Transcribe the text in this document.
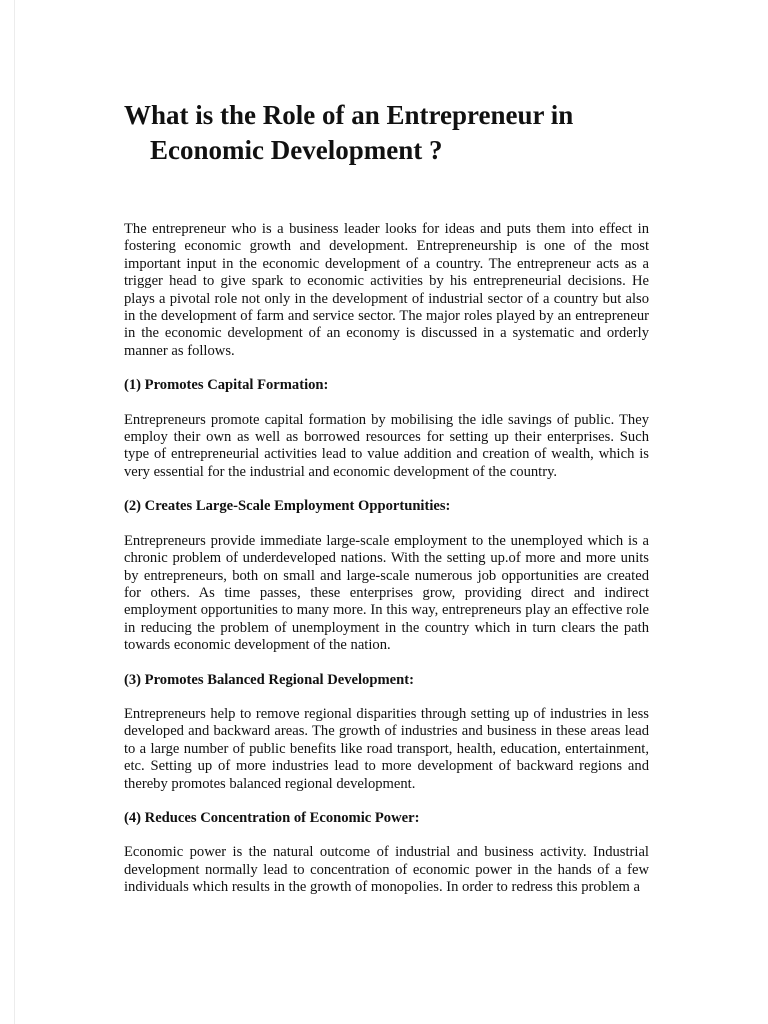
What is the Role of an Entrepreneur in
Economic Development ?

The entrepreneur who is a business leader looks for ideas and puts them into effect in fostering economic growth and development. Entrepreneurship is one of the most important input in the economic development of a country. The entrepreneur acts as a trigger head to give spark to economic activities by his entrepreneurial decisions. He plays a pivotal role not only in the development of industrial sector of a country but also in the development of farm and service sector. The major roles played by an entrepreneur in the economic development of an economy is discussed in a systematic and orderly manner as follows.

(1) Promotes Capital Formation:

Entrepreneurs promote capital formation by mobilising the idle savings of public. They employ their own as well as borrowed resources for setting up their enterprises. Such type of entrepreneurial activities lead to value addition and creation of wealth, which is very essential for the industrial and economic development of the country.

(2) Creates Large-Scale Employment Opportunities:

Entrepreneurs provide immediate large-scale employment to the unemployed which is a chronic problem of underdeveloped nations. With the setting up.of more and more units by entrepreneurs, both on small and large-scale numerous job opportunities are created for others. As time passes, these enterprises grow, providing direct and indirect employment opportunities to many more. In this way, entrepreneurs play an effective role in reducing the problem of unemployment in the country which in turn clears the path towards economic development of the nation.

(3) Promotes Balanced Regional Development:

Entrepreneurs help to remove regional disparities through setting up of industries in less developed and backward areas. The growth of industries and business in these areas lead to a large number of public benefits like road transport, health, education, entertainment, etc. Setting up of more industries lead to more development of backward regions and thereby promotes balanced regional development.

(4) Reduces Concentration of Economic Power:

Economic power is the natural outcome of industrial and business activity. Industrial development normally lead to concentration of economic power in the hands of a few individuals which results in the growth of monopolies. In order to redress this problem a
